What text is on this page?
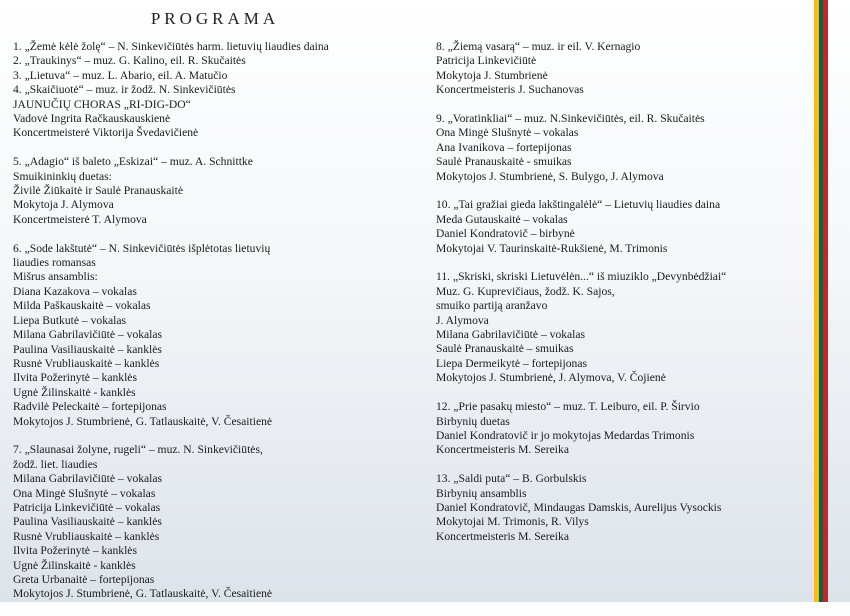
PROGRAMA
1. „Žemė kėlė žolę“ – N. Sinkevičiūtės harm. lietuvių liaudies daina
2. „Traukinys“ – muz. G. Kalino, eil. R. Skučaitės
3. „Lietuva“ – muz. L. Abario, eil. A. Matučio
4. „Skaičiuotė“ – muz. ir žodž. N. Sinkevičiūtės
JAUNUČIŲ CHORAS „RI-DIG-DO“
Vadovė Ingrita Račkauskauskienė
Koncertmeisterė Viktorija Švedavičienė
5. „Adagio“ iš baleto „Eskizai“ – muz. A. Schnittke
Smuikininkių duetas:
Živilė Žiūkaitė ir Saulė Pranauskaitė
Mokytoja J. Alymova
Koncertmeisterė T. Alymova
6. „Sode lakštutė“ – N. Sinkevičiūtės išplėtotas lietuvių
liaudies romansas
Mišrus ansamblis:
Diana Kazakova – vokalas
Milda Paškauskaitė – vokalas
Liepa Butkutė – vokalas
Milana Gabrilavičiūtė – vokalas
Paulina Vasiliauskaitė – kanklės
Rusnė Vrubliauskaitė – kanklės
Ilvita Požerinytė – kanklės
Ugnė Žilinskaitė - kanklės
Radvilė Peleckaitė – fortepijonas
Mokytojos J. Stumbrienė, G. Tatlauskaitė, V. Česaitienė
7. „Slaunasai žolyne, rugeli“ – muz. N. Sinkevičiūtės,
žodž. liet. liaudies
Milana Gabrilavičiūtė – vokalas
Ona Mingė Slušnytė – vokalas
Patricija Linkevičiūtė – vokalas
Paulina Vasiliauskaitė – kanklės
Rusnė Vrubliauskaitė – kanklės
Ilvita Požerinytė – kanklės
Ugnė Žilinskaitė - kanklės
Greta Urbanaitė – fortepijonas
Mokytojos J. Stumbrienė, G. Tatlauskaitė, V. Česaitienė
8. „Žiemą vasarą“ – muz. ir eil. V. Kernagio
Patricija Linkevičiūtė
Mokytoja J. Stumbrienė
Koncertmeisteris J. Suchanovas
9. „Voratinkliai“ – muz. N.Sinkevičiūtės, eil. R. Skučaitės
Ona Mingė Slušnytė – vokalas
Ana Ivanikova – fortepijonas
Saulė Pranauskaitė - smuikas
Mokytojos J. Stumbrienė, S. Bulygo, J. Alymova
10. „Tai gražiai gieda lakštingalėlė“ – Lietuvių liaudies daina
Meda Gutauskaitė – vokalas
Daniel Kondratovič – birbynė
Mokytojai V. Taurinskaitė-Rukšienė, M. Trimonis
11. „Skriski, skriski Lietuvėlėn...“ iš miuziklo „Devynbėdžiai“
Muz. G. Kuprevičiaus, žodž. K. Sajos,
smuiko partiją aranžavo
J. Alymova
Milana Gabrilavičiūtė – vokalas
Saulė Pranauskaitė – smuikas
Liepa Dermeikytė – fortepijonas
Mokytojos J. Stumbrienė, J. Alymova, V. Čojienė
12. „Prie pasakų miesto“ – muz. T. Leiburo, eil. P. Širvio
Birbynių duetas
Daniel Kondratovič ir jo mokytojas Medardas Trimonis
Koncertmeisteris M. Sereika
13. „Saldi puta“ – B. Gorbulskis
Birbynių ansamblis
Daniel Kondratovič, Mindaugas Damskis, Aurelijus Vysockis
Mokytojai M. Trimonis, R. Vilys
Koncertmeisteris M. Sereika
